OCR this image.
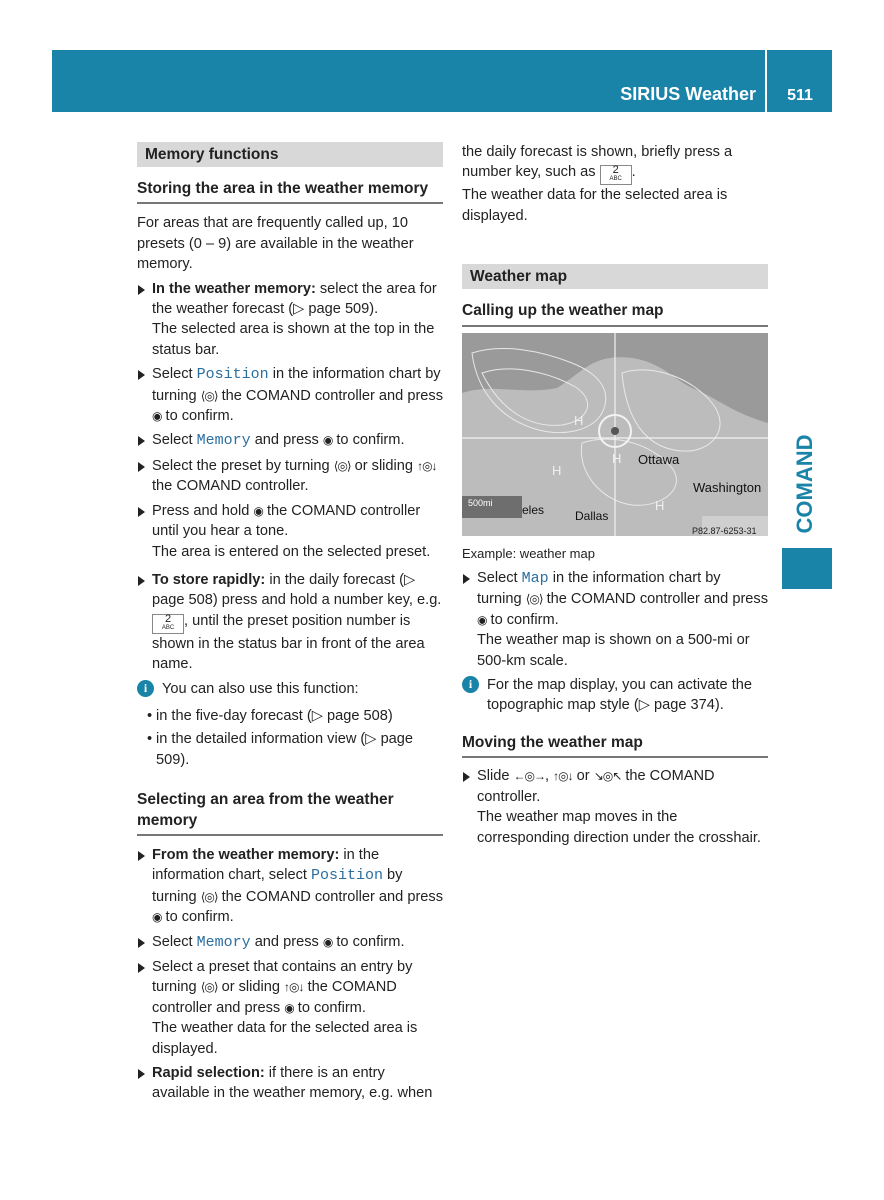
SIRIUS Weather	511
COMAND
Memory functions
Storing the area in the weather memory

For areas that are frequently called up, 10 presets (0 – 9) are available in the weather memory.

In the weather memory: select the area for the weather forecast (▷ page 509).
The selected area is shown at the top in the status bar.
Select Position in the information chart by turning ⟨◎⟩ the COMAND controller and press ◉ to confirm.
Select Memory and press ◉ to confirm.
Select the preset by turning ⟨◎⟩ or sliding ↑◎↓ the COMAND controller.
Press and hold ◉ the COMAND controller until you hear a tone.
The area is entered on the selected preset.
To store rapidly: in the daily forecast (▷ page 508) press and hold a number key, e.g. 2
ABC , until the preset position number is shown in the status bar in front of the area name.
i	You can also use this function:
• in the five-day forecast (▷ page 508)
• in the detailed information view (▷ page 509).
Selecting an area from the weather memory
From the weather memory: in the information chart, select Position by turning ⟨◎⟩ the COMAND controller and press ◉ to confirm.
Select Memory and press ◉ to confirm.
Select a preset that contains an entry by turning ⟨◎⟩ or sliding ↑◎↓ the COMAND controller and press ◉ to confirm.
The weather data for the selected area is displayed.
Rapid selection: if there is an entry available in the weather memory, e.g. when

the daily forecast is shown, briefly press a number key, such as 2
ABC .
The weather data for the selected area is displayed.

Weather map
Calling up the weather map
H
H
H
H
Ottawa
Washington
eles	Dallas
500mi
P82.87-6253-31

Example: weather map

Select Map in the information chart by turning ⟨◎⟩ the COMAND controller and press ◉ to confirm.
The weather map is shown on a 500-mi or 500-km scale.
i	For the map display, you can activate the topographic map style (▷ page 374).
Moving the weather map
Slide ←◎→, ↑◎↓ or ↘◎↖ the COMAND controller.
The weather map moves in the corresponding direction under the crosshair.
